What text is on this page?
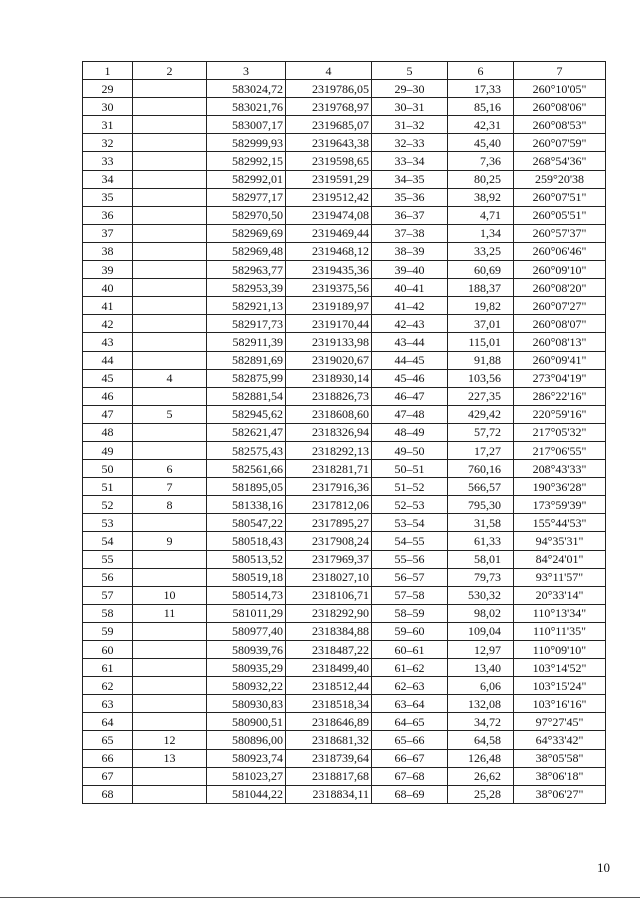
1	2	3	4	5	6	7
29		583024,72	2319786,05	29–30	17,33	260°10'05"
30		583021,76	2319768,97	30–31	85,16	260°08'06"
31		583007,17	2319685,07	31–32	42,31	260°08'53"
32		582999,93	2319643,38	32–33	45,40	260°07'59"
33		582992,15	2319598,65	33–34	7,36	268°54'36"
34		582992,01	2319591,29	34–35	80,25	259°20'38
35		582977,17	2319512,42	35–36	38,92	260°07'51"
36		582970,50	2319474,08	36–37	4,71	260°05'51"
37		582969,69	2319469,44	37–38	1,34	260°57'37"
38		582969,48	2319468,12	38–39	33,25	260°06'46"
39		582963,77	2319435,36	39–40	60,69	260°09'10"
40		582953,39	2319375,56	40–41	188,37	260°08'20"
41		582921,13	2319189,97	41–42	19,82	260°07'27"
42		582917,73	2319170,44	42–43	37,01	260°08'07"
43		582911,39	2319133,98	43–44	115,01	260°08'13"
44		582891,69	2319020,67	44–45	91,88	260°09'41"
45	4	582875,99	2318930,14	45–46	103,56	273°04'19"
46		582881,54	2318826,73	46–47	227,35	286°22'16"
47	5	582945,62	2318608,60	47–48	429,42	220°59'16"
48		582621,47	2318326,94	48–49	57,72	217°05'32"
49		582575,43	2318292,13	49–50	17,27	217°06'55"
50	6	582561,66	2318281,71	50–51	760,16	208°43'33"
51	7	581895,05	2317916,36	51–52	566,57	190°36'28"
52	8	581338,16	2317812,06	52–53	795,30	173°59'39"
53		580547,22	2317895,27	53–54	31,58	155°44'53"
54	9	580518,43	2317908,24	54–55	61,33	94°35'31"
55		580513,52	2317969,37	55–56	58,01	84°24'01"
56		580519,18	2318027,10	56–57	79,73	93°11'57"
57	10	580514,73	2318106,71	57–58	530,32	20°33'14"
58	11	581011,29	2318292,90	58–59	98,02	110°13'34"
59		580977,40	2318384,88	59–60	109,04	110°11'35"
60		580939,76	2318487,22	60–61	12,97	110°09'10"
61		580935,29	2318499,40	61–62	13,40	103°14'52"
62		580932,22	2318512,44	62–63	6,06	103°15'24"
63		580930,83	2318518,34	63–64	132,08	103°16'16"
64		580900,51	2318646,89	64–65	34,72	97°27'45"
65	12	580896,00	2318681,32	65–66	64,58	64°33'42"
66	13	580923,74	2318739,64	66–67	126,48	38°05'58"
67		581023,27	2318817,68	67–68	26,62	38°06'18"
68		581044,22	2318834,11	68–69	25,28	38°06'27"
10
